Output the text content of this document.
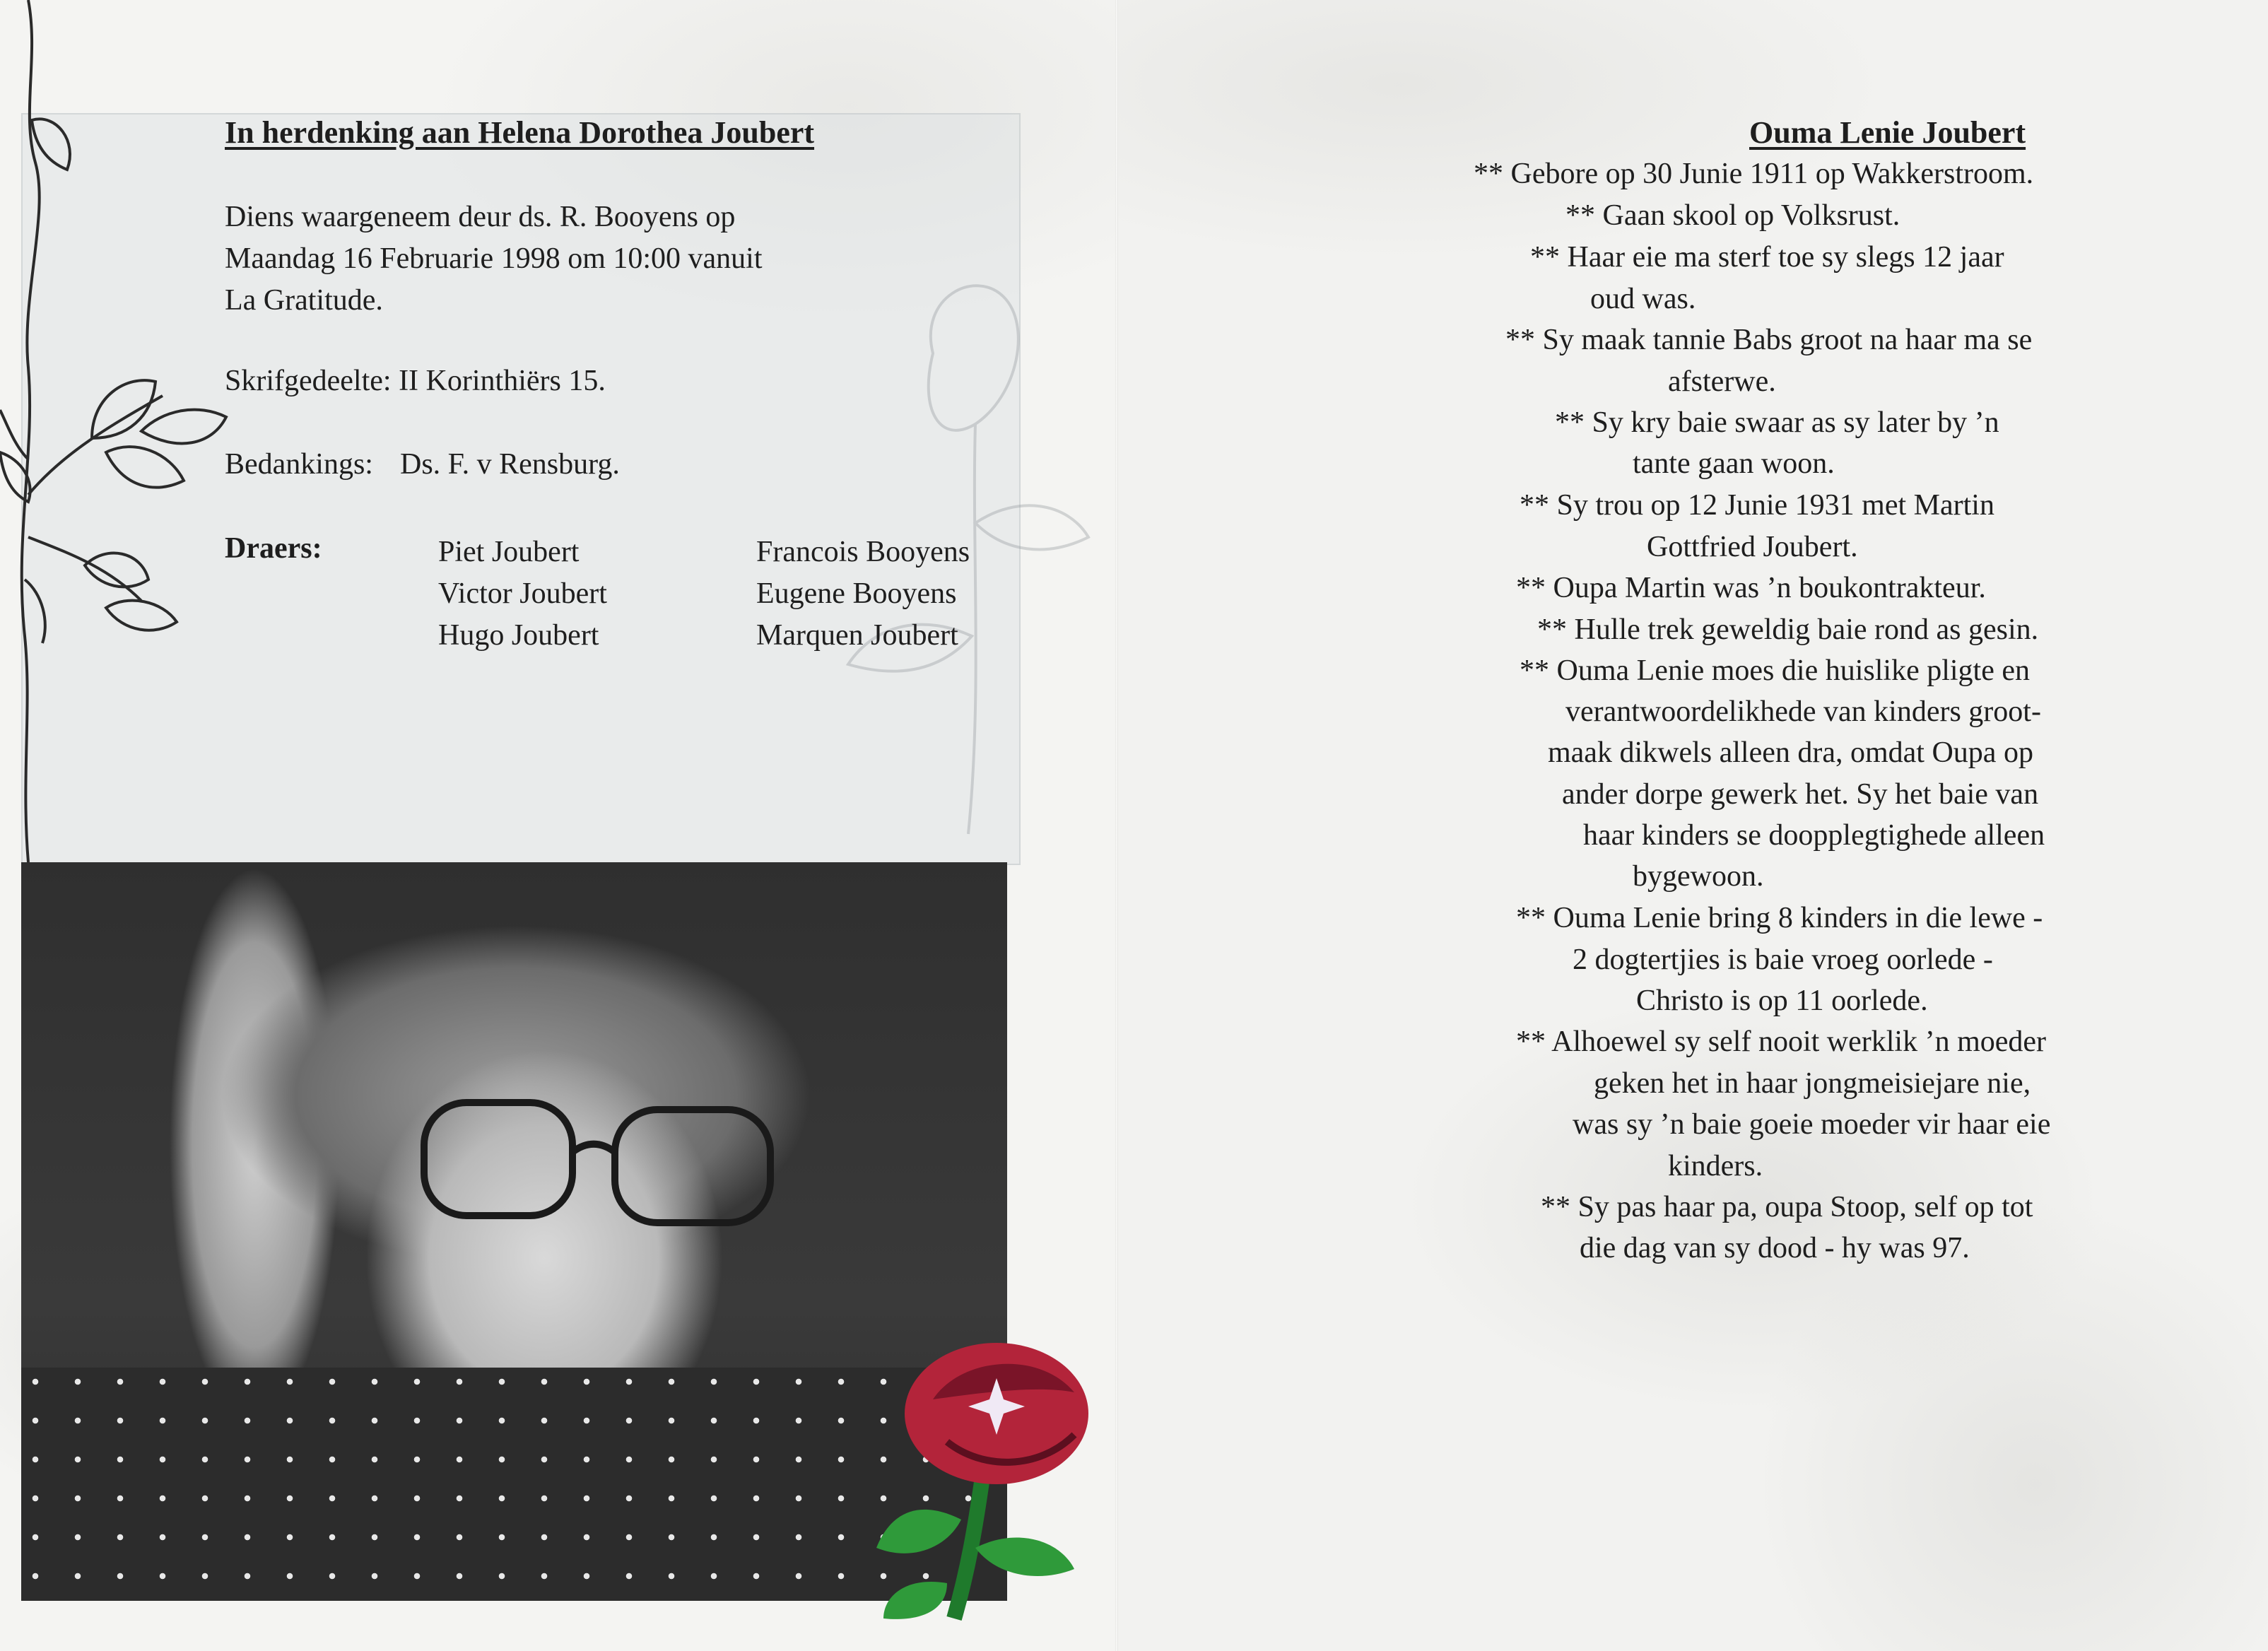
In herdenking aan Helena Dorothea Joubert
Diens waargeneem deur ds. R. Booyens op
Maandag 16 Februarie 1998 om 10:00 vanuit
La Gratitude.
Skrifgedeelte: II Korinthiërs 15.
Bedankings: Ds. F. v Rensburg.
Draers:	Piet Joubert
Victor Joubert
Hugo Joubert
Francois Booyens
Eugene Booyens
Marquen Joubert
Ouma Lenie Joubert
** Gebore op 30 Junie 1911 op Wakkerstroom.
** Gaan skool op Volksrust.
** Haar eie ma sterf toe sy slegs 12 jaar
oud was.
** Sy maak tannie Babs groot na haar ma se
afsterwe.
** Sy kry baie swaar as sy later by ’n
tante gaan woon.
** Sy trou op 12 Junie 1931 met Martin
Gottfried Joubert.
** Oupa Martin was ’n boukontrakteur.
** Hulle trek geweldig baie rond as gesin.
** Ouma Lenie moes die huislike pligte en
verantwoordelikhede van kinders groot-
maak dikwels alleen dra, omdat Oupa op
ander dorpe gewerk het. Sy het baie van
haar kinders se doopplegtighede alleen
bygewoon.
** Ouma Lenie bring 8 kinders in die lewe -
2 dogtertjies is baie vroeg oorlede -
Christo is op 11 oorlede.
** Alhoewel sy self nooit werklik ’n moeder
geken het in haar jongmeisiejare nie,
was sy ’n baie goeie moeder vir haar eie
kinders.
** Sy pas haar pa, oupa Stoop, self op tot
die dag van sy dood - hy was 97.
